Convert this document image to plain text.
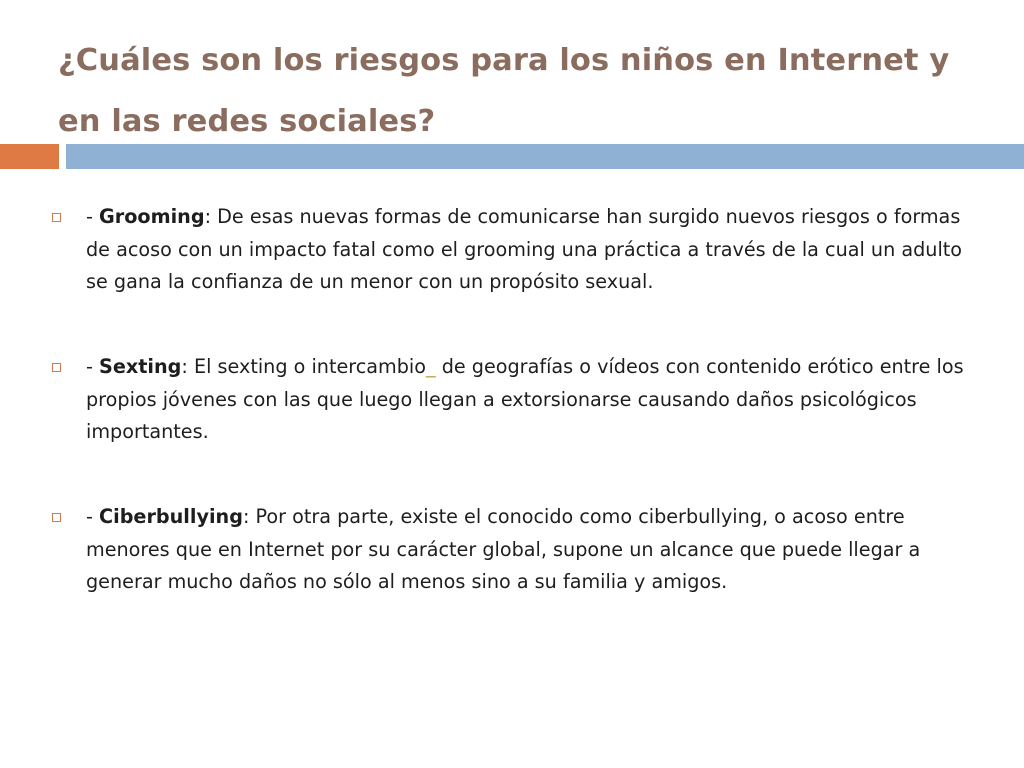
¿Cuáles son los riesgos para los niños en Internet y en las redes sociales?

- Grooming: De esas nuevas formas de comunicarse han surgido nuevos riesgos o formas de acoso con un impacto fatal como el grooming una práctica a través de la cual un adulto se gana la confianza de un menor con un propósito sexual.

- Sexting: El sexting o intercambio_ de geografías o vídeos con contenido erótico entre los propios jóvenes con las que luego llegan a extorsionarse causando daños psicológicos importantes.

- Ciberbullying: Por otra parte, existe el conocido como ciberbullying, o acoso entre menores que en Internet por su carácter global, supone un alcance que puede llegar a generar mucho daños no sólo al menos sino a su familia y amigos.
